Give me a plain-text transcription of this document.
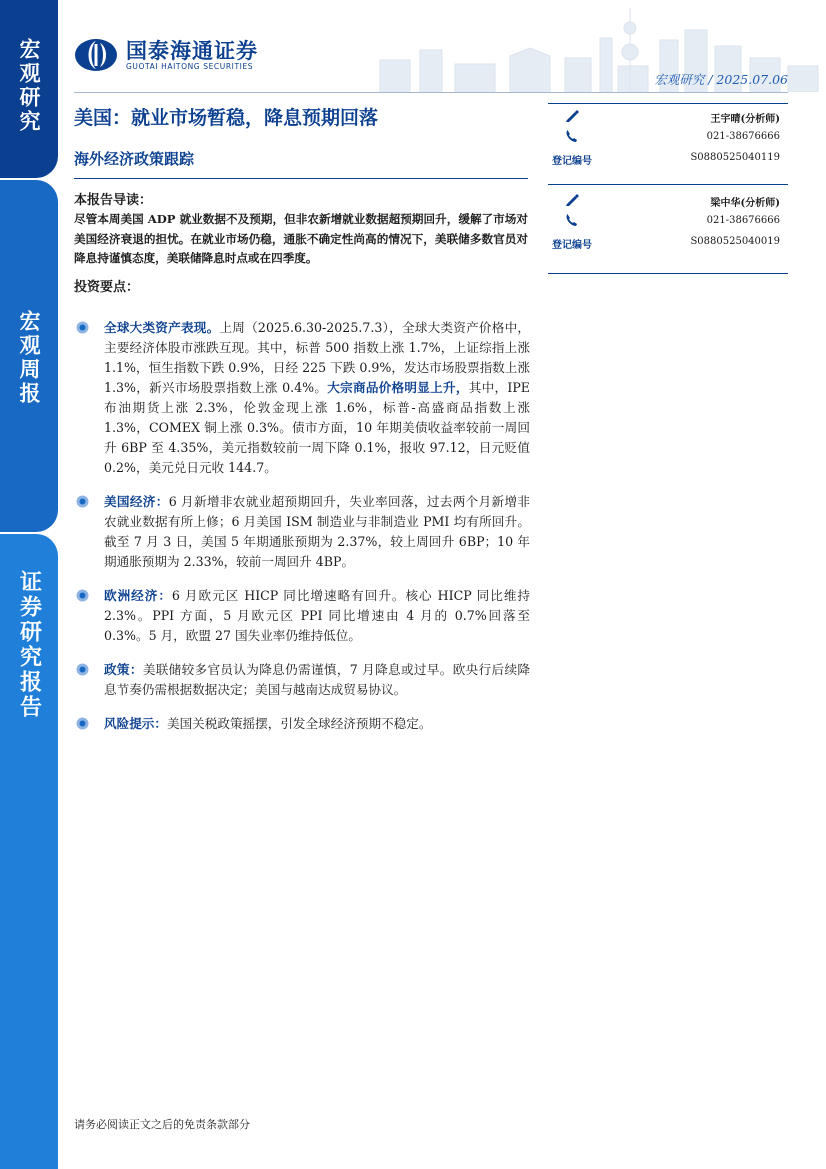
宏观研究
宏观周报
证券研究报告
国泰海通证券
GUOTAI HAITONG SECURITIES
宏观研究 / 2025.07.06
美国：就业市场暂稳，降息预期回落
海外经济政策跟踪
本报告导读：
尽管本周美国 ADP 就业数据不及预期，但非农新增就业数据超预期回升，缓解了市场对美国经济衰退的担忧。在就业市场仍稳，通胀不确定性尚高的情况下，美联储多数官员对降息持谨慎态度，美联储降息时点或在四季度。
投资要点：
全球大类资产表现。上周（2025.6.30-2025.7.3），全球大类资产价格中，主要经济体股市涨跌互现。其中，标普 500 指数上涨 1.7%，上证综指上涨 1.1%，恒生指数下跌 0.9%，日经 225 下跌 0.9%，发达市场股票指数上涨 1.3%，新兴市场股票指数上涨 0.4%。大宗商品价格明显上升，其中，IPE 布油期货上涨 2.3%，伦敦金现上涨 1.6%，标普-高盛商品指数上涨 1.3%，COMEX 铜上涨 0.3%。债市方面，10 年期美债收益率较前一周回升 6BP 至 4.35%，美元指数较前一周下降 0.1%，报收 97.12，日元贬值 0.2%，美元兑日元收 144.7。
美国经济：6 月新增非农就业超预期回升，失业率回落，过去两个月新增非农就业数据有所上修；6 月美国 ISM 制造业与非制造业 PMI 均有所回升。截至 7 月 3 日，美国 5 年期通胀预期为 2.37%，较上周回升 6BP；10 年期通胀预期为 2.33%，较前一周回升 4BP。
欧洲经济：6 月欧元区 HICP 同比增速略有回升。核心 HICP 同比维持 2.3%。PPI 方面，5 月欧元区 PPI 同比增速由 4 月的 0.7%回落至 0.3%。5 月，欧盟 27 国失业率仍维持低位。
政策：美联储较多官员认为降息仍需谨慎，7 月降息或过早。欧央行后续降息节奏仍需根据数据决定；美国与越南达成贸易协议。
风险提示：美国关税政策摇摆，引发全球经济预期不稳定。
王宇晴(分析师)
021-38676666
登记编号	S0880525040119
梁中华(分析师)
021-38676666
登记编号	S0880525040019
请务必阅读正文之后的免责条款部分
